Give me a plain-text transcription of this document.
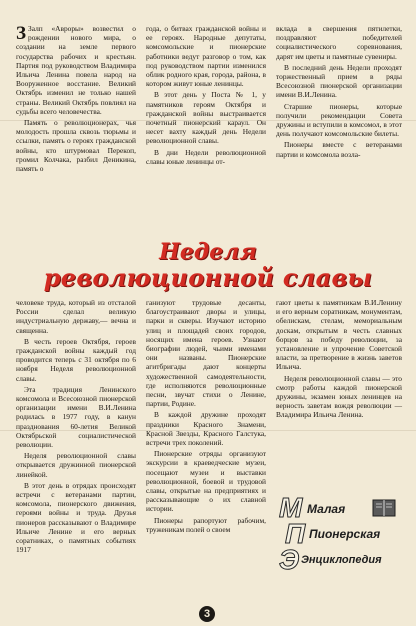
З Залп «Авроры» возвестил о рождении нового мира, о создании на земле первого государства рабочих и крестьян. Партия под руководством Владимира Ильича Ленина повела народ на Вооруженное восстание. Великий Октябрь изменил не только нашей страны. Великий Октябрь повлиял на судьбы всего человечества.

Память о революционерах, чья молодость прошла сквозь тюрьмы и ссылки, память о героях гражданской войны, кто штурмовал Перекоп, громил Колчака, разбил Деникина, память о

года, о битвах гражданской войны и ее героях. Народные депутаты, комсомольские и пионерские работники ведут разговор о том, как под руководством партии изменился облик родного края, города, района, в котором живут юные ленинцы.

В этот день у Поста № 1, у памятников героям Октября и гражданской войны выстраивается почетный пионерский караул. Он несет вахту каждый день Недели революционной славы.

В дни Недели революционной славы юные ленинцы от-

вклада в свершения пятилетки, поздравляют победителей социалистического соревнования, дарят им цветы и памятные сувениры.

В последний день Недели проходят торжественный прием в ряды Всесоюзной пионерской организации имени В.И.Ленина.

Старшие пионеры, которые получили рекомендации Совета дружины и вступили в комсомол, в этот день получают комсомольские билеты.

Пионеры вместе с ветеранами партии и комсомола возла-

Неделя
революционной славы

человеке труда, который из отсталой России сделал великую индустриальную державу,— вечна и священна.

В честь героев Октября, героев гражданской войны каждый год проводится теперь с 31 октября по 6 ноября Неделя революционной славы.

Эта традиция Ленинского комсомола и Всесоюзной пионерской организации имени В.И.Ленина родилась в 1977 году, в канун празднования 60-летия Великой Октябрьской социалистической революции.

Неделя революционной славы открывается дружинной пионерской линейкой.

В этот день в отрядах происходят встречи с ветеранами партии, комсомола, пионерского движения, героями войны и труда. Друзья пионеров рассказывают о Владимире Ильиче Ленине и его верных соратниках, о памятных событиях 1917

ганизуют трудовые десанты, благоустраивают дворы и улицы, парки и скверы. Изучают историю улиц и площадей своих городов, носящих имена героев. Узнают биографии людей, чьими именами они названы. Пионерские агитбригады дают концерты художественной самодеятельности, где исполняются революционные песни, звучат стихи о Ленине, партии, Родине.

В каждой дружине проходят праздники Красного Знамени, Красной Звезды, Красного Галстука, встречи трех поколений.

Пионерские отряды организуют экскурсии в краеведческие музеи, посещают музеи и выставки революционной, боевой и трудовой славы, открытые на предприятиях и рассказывающие о их славной истории.

Пионеры рапортуют рабочим, труженикам полей о своем

гают цветы к памятникам В.И.Ленину и его верным соратникам, монументам, обелискам, стелам, мемориальным доскам, открытым в честь славных борцов за победу революции, за установление и упрочение Советской власти, за претворение в жизнь заветов Ильича.

Неделя революционной славы — это смотр работы каждой пионерской дружины, экзамен юных ленинцев на верность заветам вождя революции — Владимира Ильича Ленина.

М Малая
П Пионерская
Э Энциклопедия
3
